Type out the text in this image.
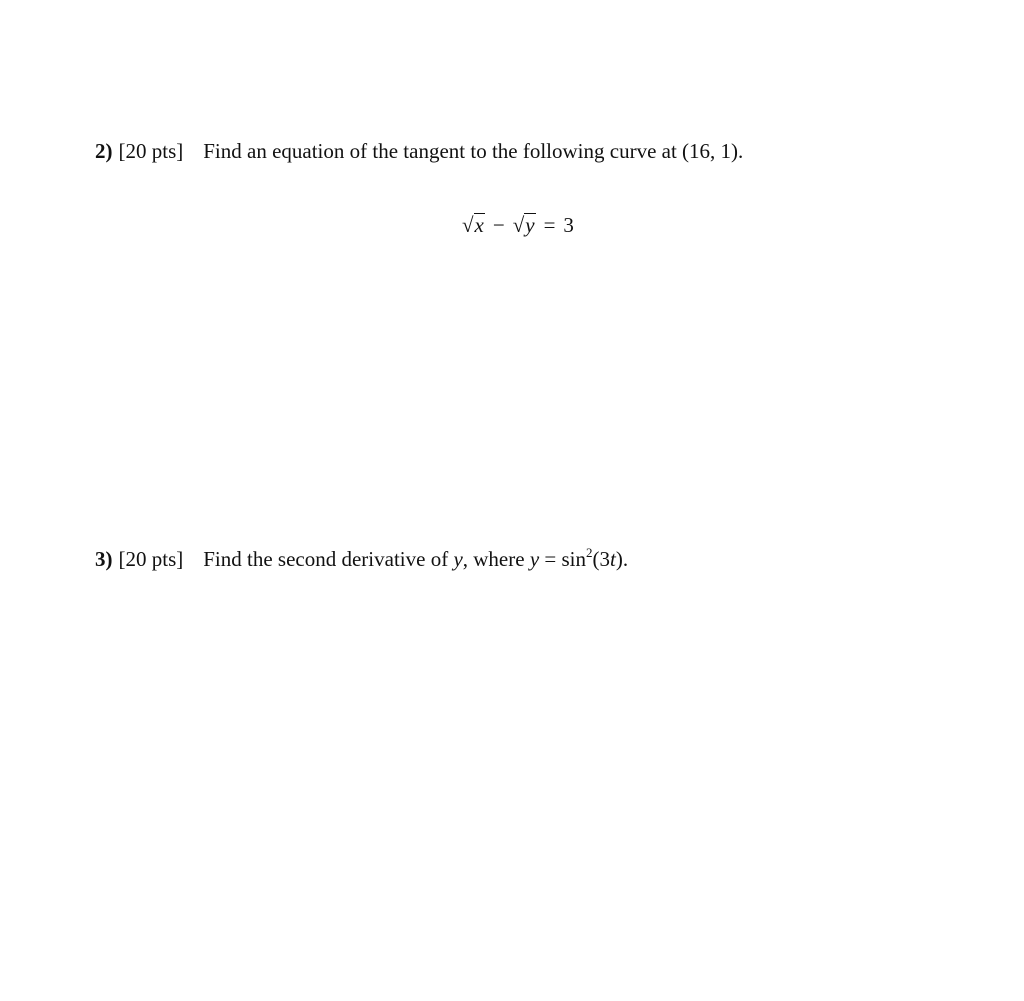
2) [20 pts] Find an equation of the tangent to the following curve at (16, 1).
√x − √y = 3
3) [20 pts] Find the second derivative of y, where $y = \sin^2(3t)$.
